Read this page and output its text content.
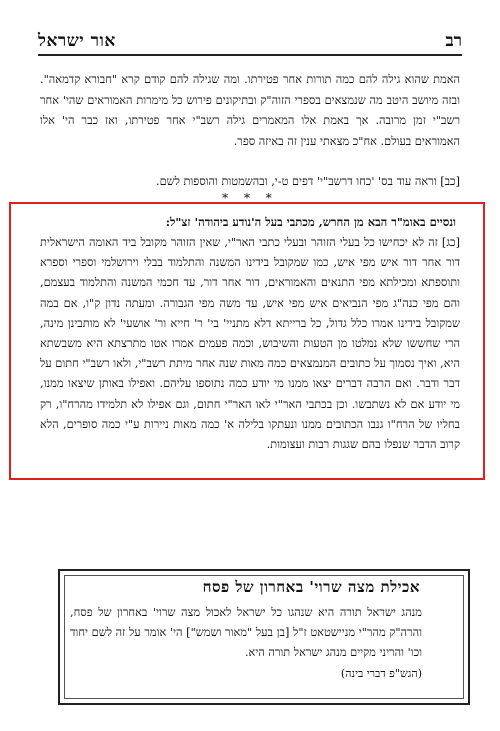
רב
אור ישראל
האמת שהוא גילה להם כמה תורות אחר פטירתו. ומה שגילה להם קודם קרא "חבורא קדמאה". ובזה מיושב היטב מה שנמצאים בספרי הזוה"ק ובתיקונים פירוש כל מימרות האמוראים שהי' אחר רשב"י זמן מרובה. אך באמת אלו המאמרים גילה רשב"י אחר פטירתו, ואז כבר הי' אלו האמוראים בעולם. אח"כ מצאתי ענין זה באיזה ספר.
[כב] וראה עוד בס' 'כחו דרשב"י' דפים ט-י, ובהשמטות והוספות לשם.
* * *
ונסיים באומ"ר הבא מן החרש, מכתבי בעל ה'נודע ביהודה' זצ"ל:
[כג] זה לא יכחישו כל בעלי הזוהר ובעלי כתבי האר"י, שאין הזוהר מקובל ביד האומה הישראלית דור אחר דור איש מפי איש, כמו שמקובל בידינו המשנה והתלמוד בבלי וירושלמי וספרי וספרא ותוספתא ומכילתא מפי התנאים והאמוראים, דור אחר דור, עד חכמי המשנה והתלמוד בעצמם, והם מפי כנה"ג מפי הנביאים איש מפי איש, עד משה מפי הגבורה. ומעתה נדון ק"ו, אם במה שמקובל בידינו אמרו כלל גדול, כל ברייתא דלא מתניי' בי' ר' חייא ור' אושעי' לא מותבינן מינה, הרי שחששו שלא נמלטו מן הטעות והשיבוש, וכמה פעמים אמרו אטו מתרצתא היא משבשתא היא, ואיך נסמוך על כתובים המנמצאים כמה מאות שנה אחר מיתת רשב"י, ולאו רשב"י חתום על דבר ודבר. ואם הרבה דברים יצאו ממנו מי יודע כמה נתוספו עליהם. ואפילו באותן שיצאו ממנו, מי יודע אם לא נשתבשו. וכן בכתבי האר"י לאו האר"י חתום, וגם אפילו לא תלמידו מהרח"ו, רק בחליו של הרח"ו גנבו הכתובים ממנו ונעתקו בלילה א' כמה מאות ניירות ע"י כמה סופרים, הלא קרוב הדבר שנפלו בהם שגגות רבות ועצומות.
אכילת מצה שרוי' באחרון של פסח
מנהג ישראל תורה היא שנהגו כל ישראל לאכול מצה שרוי' באחרון של פסח, והרה"ק מהר"י מניישטאט ז"ל [בן בעל "מאור ושמש"] הי' אומר על זה לשם יחוד וכו' והריני מקיים מנהג ישראל תורה היא.
(הגש"פ דברי בינה)
